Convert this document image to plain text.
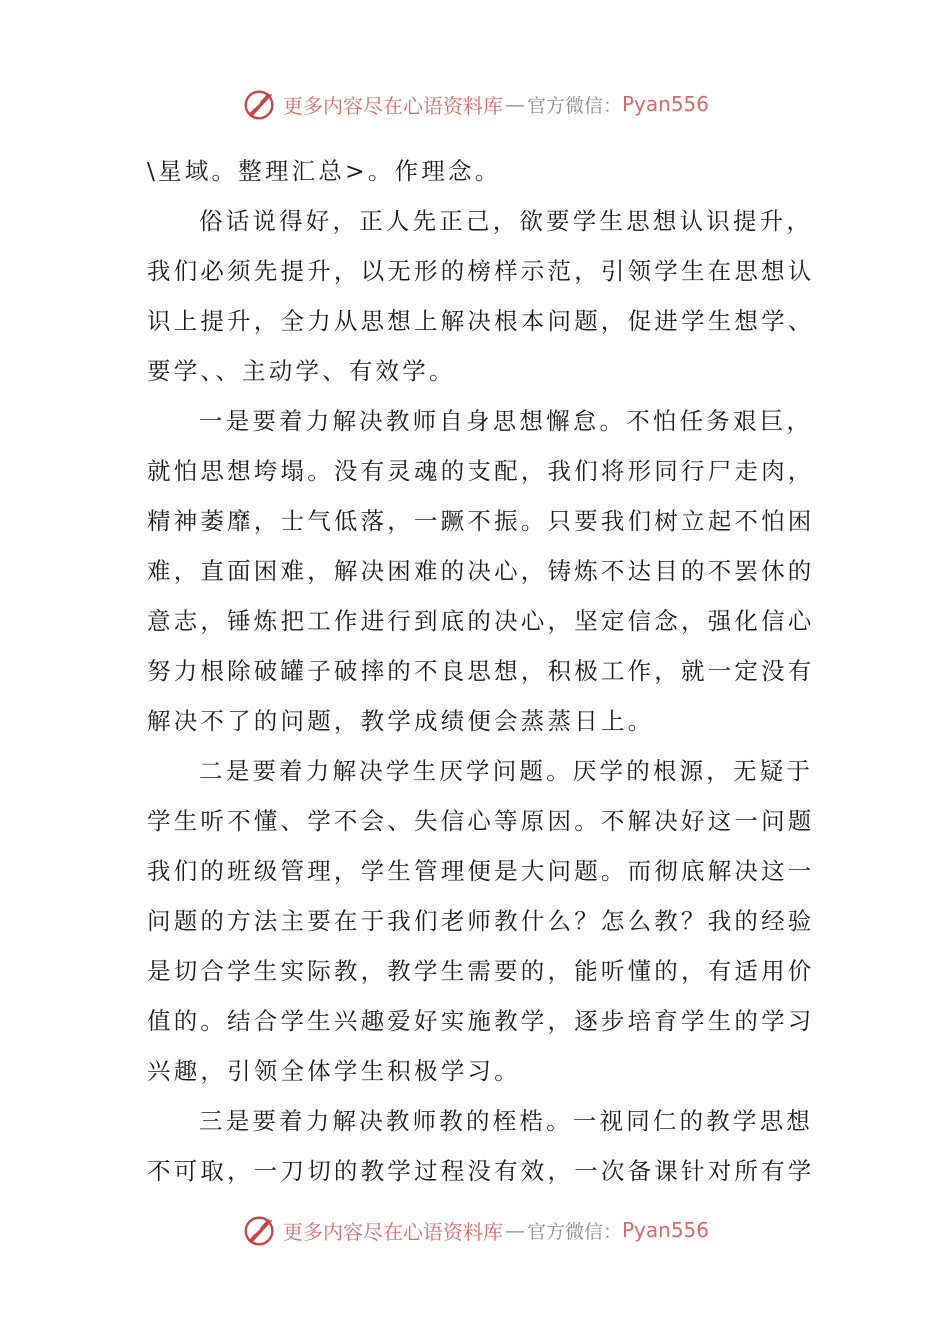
更多内容尽在心语资料库 — 官方微信： Pyan556
\星域。整理汇总>。作理念。
俗话说得好，正人先正己，欲要学生思想认识提升，
我们必须先提升，以无形的榜样示范，引领学生在思想认
识上提升，全力从思想上解决根本问题，促进学生想学、
要学、、主动学、有效学。
一是要着力解决教师自身思想懈怠。不怕任务艰巨，
就怕思想垮塌。没有灵魂的支配，我们将形同行尸走肉，
精神萎靡，士气低落，一蹶不振。只要我们树立起不怕困
难，直面困难，解决困难的决心，铸炼不达目的不罢休的
意志，锤炼把工作进行到底的决心，坚定信念，强化信心
努力根除破罐子破摔的不良思想，积极工作，就一定没有
解决不了的问题，教学成绩便会蒸蒸日上。
二是要着力解决学生厌学问题。厌学的根源，无疑于
学生听不懂、学不会、失信心等原因。不解决好这一问题
我们的班级管理，学生管理便是大问题。而彻底解决这一
问题的方法主要在于我们老师教什么？怎么教？我的经验
是切合学生实际教，教学生需要的，能听懂的，有适用价
值的。结合学生兴趣爱好实施教学，逐步培育学生的学习
兴趣，引领全体学生积极学习。
三是要着力解决教师教的桎梏。一视同仁的教学思想
不可取，一刀切的教学过程没有效，一次备课针对所有学
更多内容尽在心语资料库 — 官方微信： Pyan556
